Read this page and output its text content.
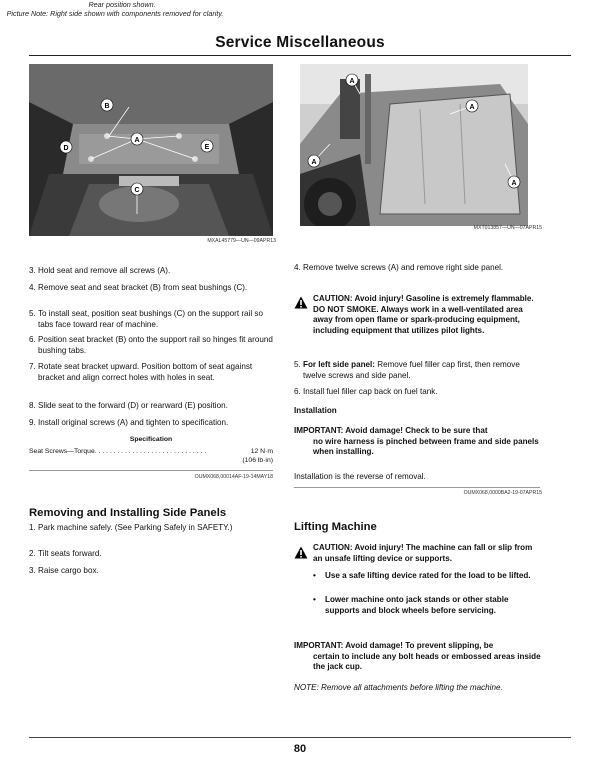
Service Miscellaneous
B
A
D	E
C
MXAL45779—UN—09APR13
Rear position shown.
3. Hold seat and remove all screws (A).
4. Remove seat and seat bracket (B) from seat bushings (C).
5. To install seat, position seat bushings (C) on the support rail so tabs face toward rear of machine.
6. Position seat bracket (B) onto the support rail so hinges fit around bushing tabs.
7. Rotate seat bracket upward. Position bottom of seat against bracket and align correct holes with holes in seat.
8. Slide seat to the forward (D) or rearward (E) position.
9. Install original screws (A) and tighten to specification.
Specification
Seat Screws—Torque. . . . . . . . . . . . . . . . . . . . . . . . . . . . . .	12 N·m
(106 lb·in)
OUMX068,00014AF-19-14MAY18
Removing and Installing Side Panels
1. Park machine safely. (See Parking Safely in SAFETY.)
2. Tilt seats forward.
3. Raise cargo box.
A
A
A
A
MXT013857—UN—07APR15
Picture Note: Right side shown with components removed for clarity.
4. Remove twelve screws (A) and remove right side panel.
CAUTION: Avoid injury! Gasoline is extremely flammable. DO NOT SMOKE. Always work in a well-ventilated area away from open flame or spark-producing equipment, including equipment that utilizes pilot lights.
5. For left side panel: Remove fuel filler cap first, then remove twelve screws and side panel.
6. Install fuel filler cap back on fuel tank.
Installation
IMPORTANT: Avoid damage! Check to be sure that
no wire harness is pinched between frame and side panels when installing.
Installation is the reverse of removal.
OUMX068,0000BA2-19-07APR15
Lifting Machine
CAUTION: Avoid injury! The machine can fall or slip from an unsafe lifting device or supports.
• Use a safe lifting device rated for the load to be lifted.
• Lower machine onto jack stands or other stable supports and block wheels before servicing.
IMPORTANT: Avoid damage! To prevent slipping, be
certain to include any bolt heads or embossed areas inside the jack cup.
NOTE: Remove all attachments before lifting the machine.
80
